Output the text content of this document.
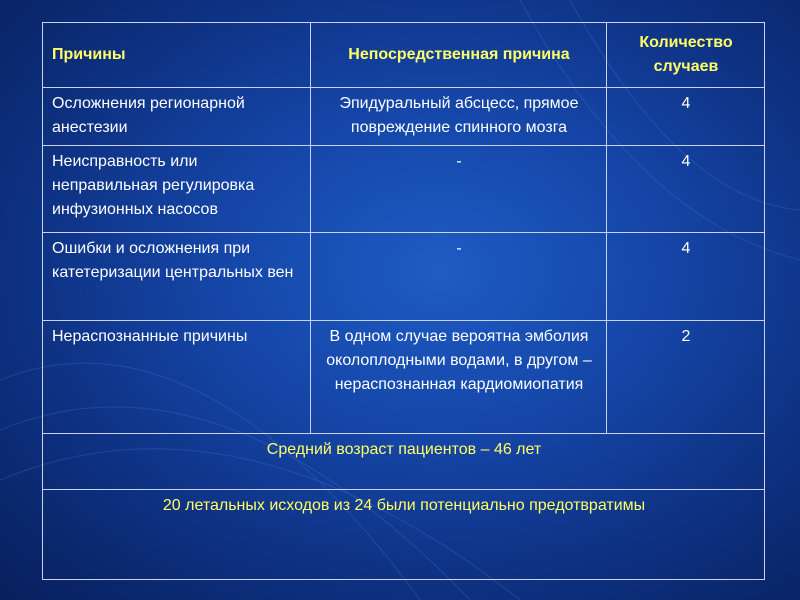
Причины	Непосредственная причина	Количество случаев
Осложнения регионарной анестезии	Эпидуральный абсцесс, прямое повреждение спинного мозга	4
Неисправность или неправильная регулировка инфузионных насосов	-	4
Ошибки и осложнения при катетеризации центральных вен	-	4
Нераспознанные причины	В одном случае вероятна эмболия околоплодными водами, в другом – нераспознанная кардиомиопатия	2
Средний возраст пациентов – 46 лет		
20 летальных исходов из 24 были потенциально предотвратимы		
